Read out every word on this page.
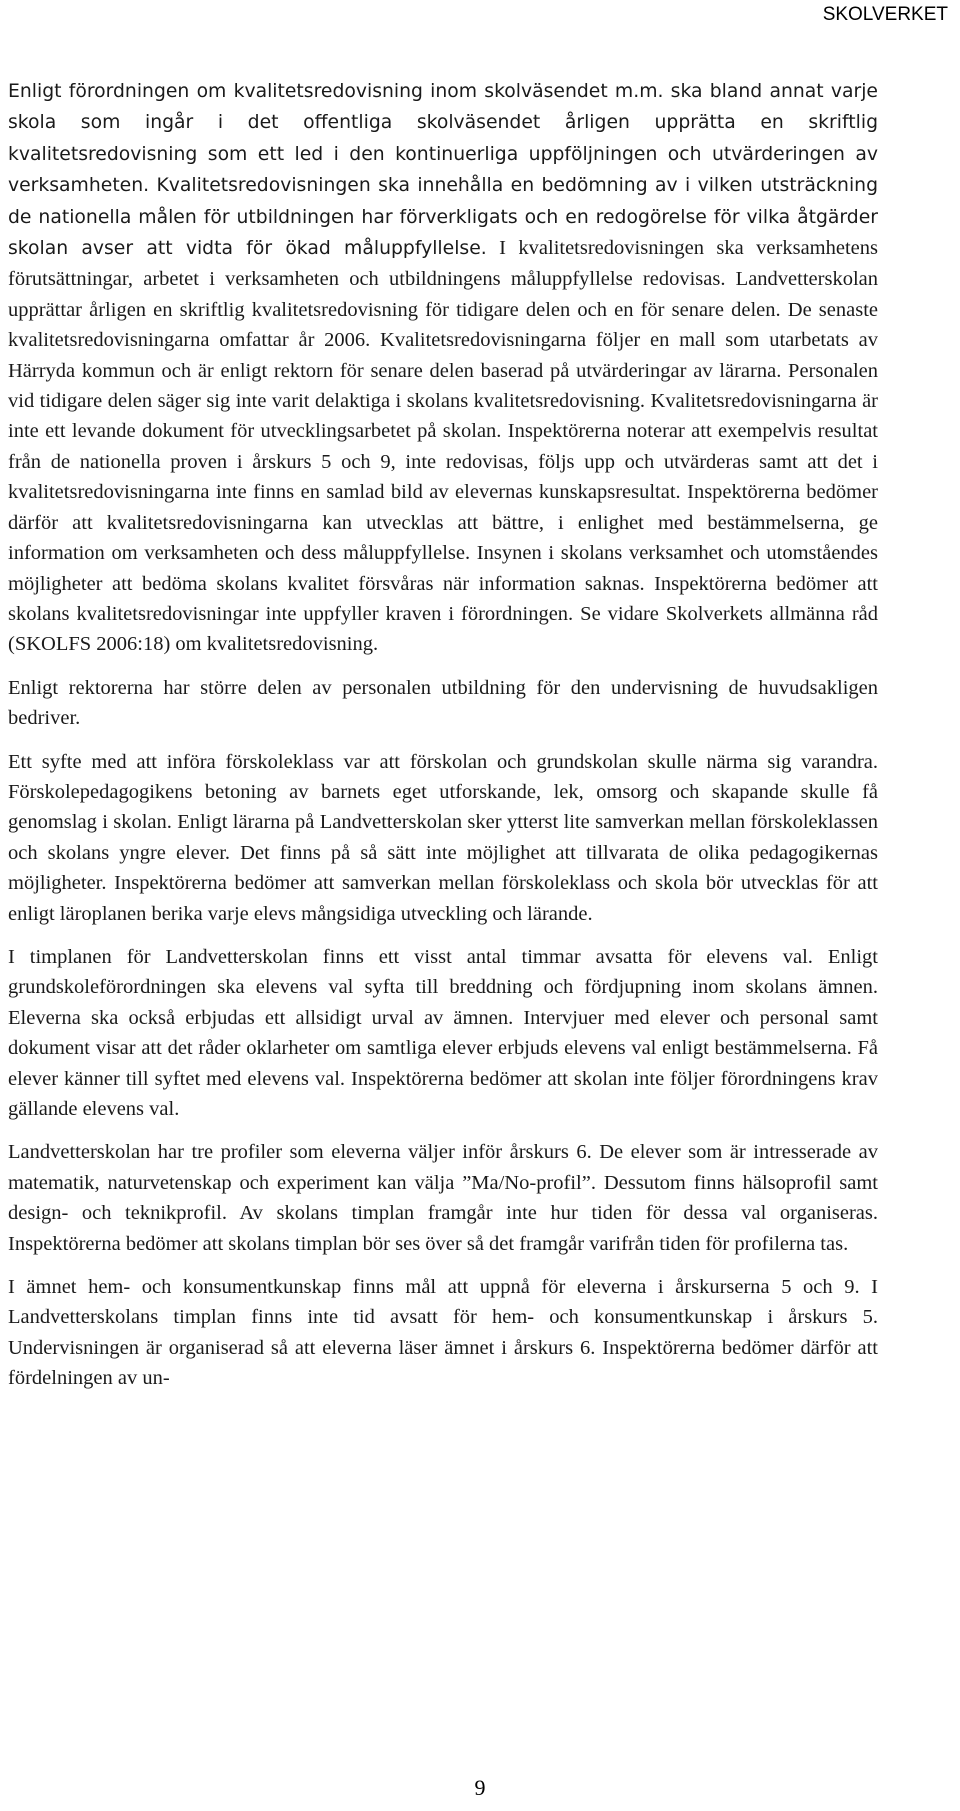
SKOLVERKET

Enligt förordningen om kvalitetsredovisning inom skolväsendet m.m. ska bland annat varje skola som ingår i det offentliga skolväsendet årligen upprätta en skriftlig kvalitetsredovisning som ett led i den kontinuerliga uppföljningen och utvärderingen av verksamheten. Kvalitetsredovisningen ska innehålla en bedömning av i vilken utsträckning de nationella målen för utbildningen har förverkligats och en redogörelse för vilka åtgärder skolan avser att vidta för ökad måluppfyllelse. I kvalitetsredovisningen ska verksamhetens förutsättningar, arbetet i verksamheten och utbildningens måluppfyllelse redovisas. Landvetterskolan upprättar årligen en skriftlig kvalitetsredovisning för tidigare delen och en för senare delen. De senaste kvalitetsredovisningarna omfattar år 2006. Kvalitetsredovisningarna följer en mall som utarbetats av Härryda kommun och är enligt rektorn för senare delen baserad på utvärderingar av lärarna. Personalen vid tidigare delen säger sig inte varit delaktiga i skolans kvalitetsredovisning. Kvalitetsredovisningarna är inte ett levande dokument för utvecklingsarbetet på skolan. Inspektörerna noterar att exempelvis resultat från de nationella proven i årskurs 5 och 9, inte redovisas, följs upp och utvärderas samt att det i kvalitetsredovisningarna inte finns en samlad bild av elevernas kunskapsresultat. Inspektörerna bedömer därför att kvalitetsredovisningarna kan utvecklas att bättre, i enlighet med bestämmelserna, ge information om verksamheten och dess måluppfyllelse. Insynen i skolans verksamhet och utomståendes möjligheter att bedöma skolans kvalitet försvåras när information saknas. Inspektörerna bedömer att skolans kvalitetsredovisningar inte uppfyller kraven i förordningen. Se vidare Skolverkets allmänna råd (SKOLFS 2006:18) om kvalitetsredovisning.

Enligt rektorerna har större delen av personalen utbildning för den undervisning de huvudsakligen bedriver.

Ett syfte med att införa förskoleklass var att förskolan och grundskolan skulle närma sig varandra. Förskolepedagogikens betoning av barnets eget utforskande, lek, omsorg och skapande skulle få genomslag i skolan. Enligt lärarna på Landvetterskolan sker ytterst lite samverkan mellan förskoleklassen och skolans yngre elever. Det finns på så sätt inte möjlighet att tillvarata de olika pedagogikernas möjligheter. Inspektörerna bedömer att samverkan mellan förskoleklass och skola bör utvecklas för att enligt läroplanen berika varje elevs mångsidiga utveckling och lärande.

I timplanen för Landvetterskolan finns ett visst antal timmar avsatta för elevens val. Enligt grundskoleförordningen ska elevens val syfta till breddning och fördjupning inom skolans ämnen. Eleverna ska också erbjudas ett allsidigt urval av ämnen. Intervjuer med elever och personal samt dokument visar att det råder oklarheter om samtliga elever erbjuds elevens val enligt bestämmelserna. Få elever känner till syftet med elevens val. Inspektörerna bedömer att skolan inte följer förordningens krav gällande elevens val.

Landvetterskolan har tre profiler som eleverna väljer inför årskurs 6. De elever som är intresserade av matematik, naturvetenskap och experiment kan välja ”Ma/No-profil”. Dessutom finns hälsoprofil samt design- och teknikprofil. Av skolans timplan framgår inte hur tiden för dessa val organiseras. Inspektörerna bedömer att skolans timplan bör ses över så det framgår varifrån tiden för profilerna tas.

I ämnet hem- och konsumentkunskap finns mål att uppnå för eleverna i årskurserna 5 och 9. I Landvetterskolans timplan finns inte tid avsatt för hem- och konsumentkunskap i årskurs 5. Undervisningen är organiserad så att eleverna läser ämnet i årskurs 6. Inspektörerna bedömer därför att fördelningen av un-

9
